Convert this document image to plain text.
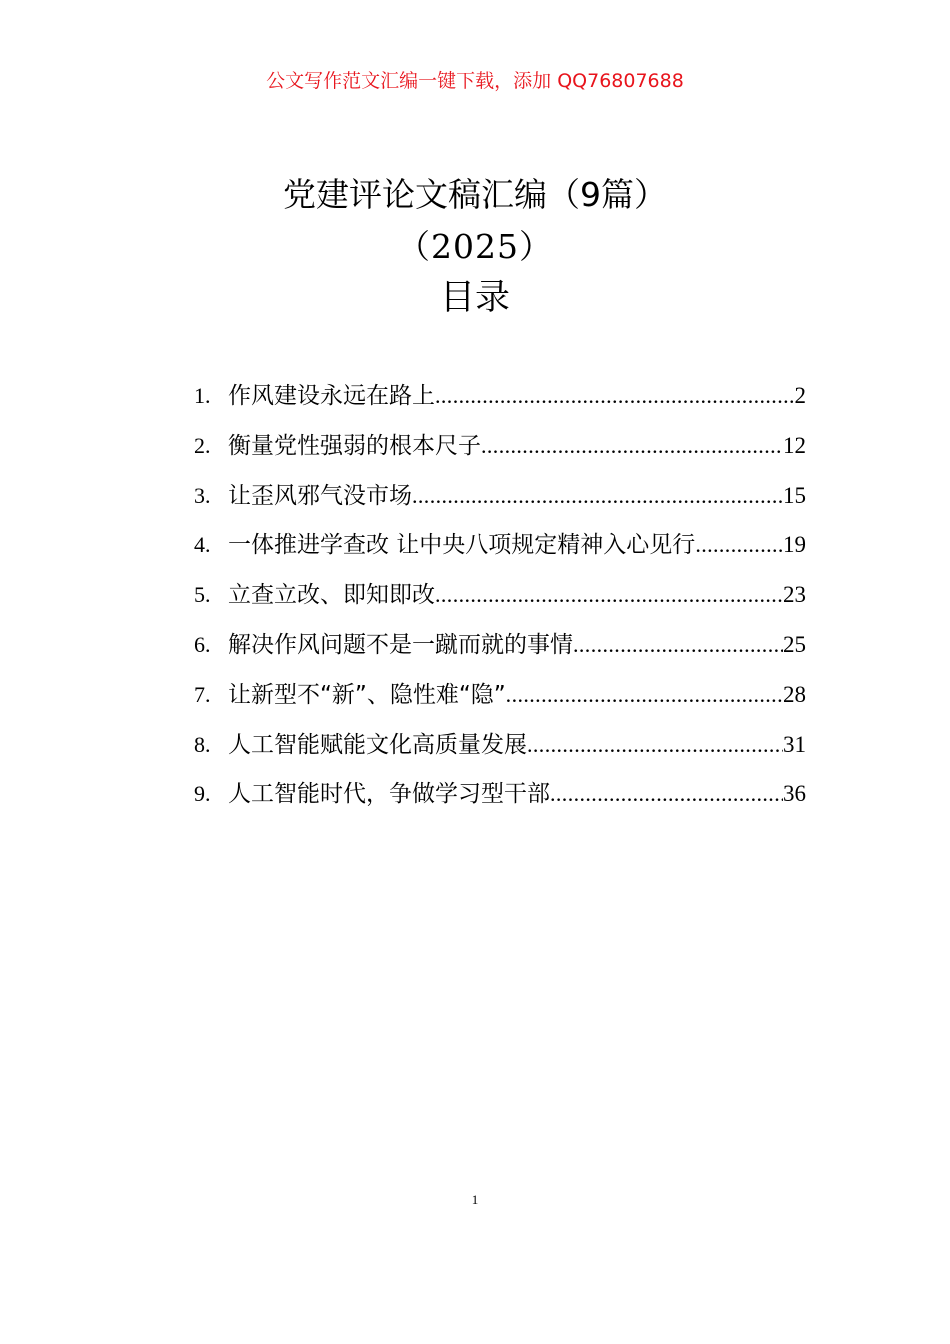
公文写作范文汇编一键下载，添加 QQ76807688
党建评论文稿汇编（9篇）
（2025）
目录
1. 作风建设永远在路上 .....	2
2. 衡量党性强弱的根本尺子 .....	12
3. 让歪风邪气没市场 .....	15
4. 一体推进学查改 让中央八项规定精神入心见行 .....	19
5. 立查立改、即知即改 .....	23
6. 解决作风问题不是一蹴而就的事情 .....	25
7. 让新型不“新”、隐性难“隐” .....	28
8. 人工智能赋能文化高质量发展 .....	31
9. 人工智能时代，争做学习型干部 .....	36
1
